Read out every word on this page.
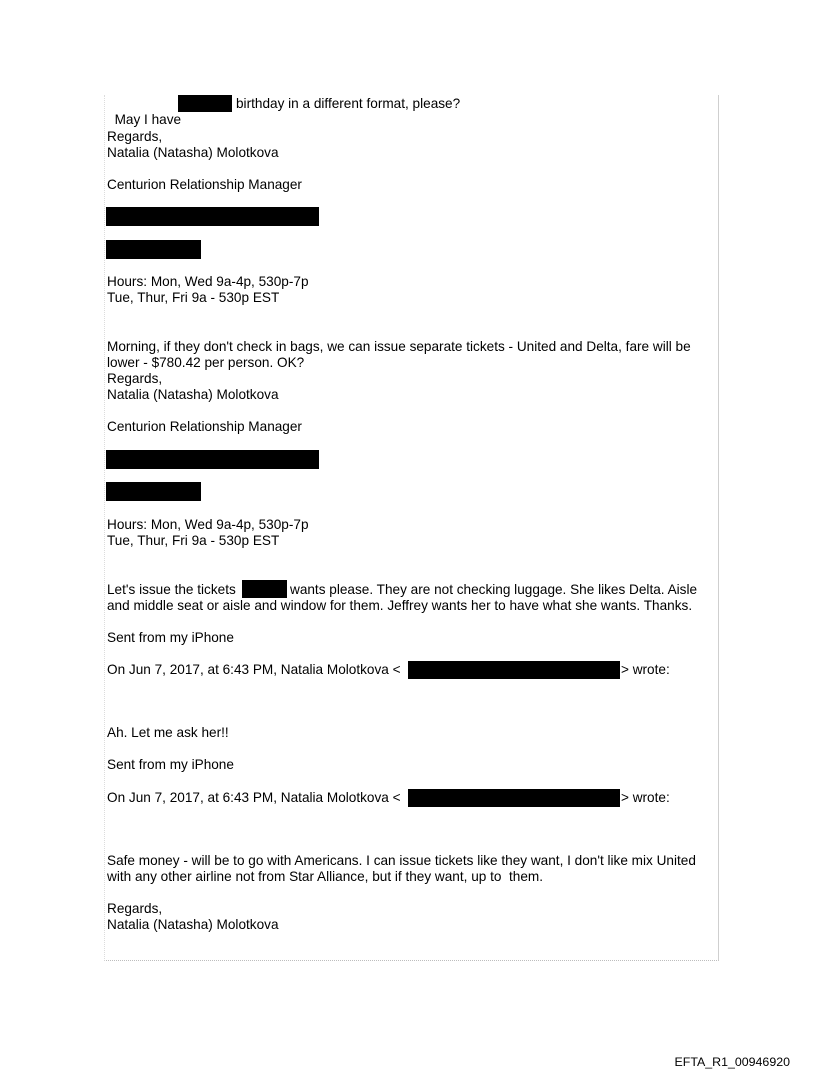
May I have

birthday in a different format, please?
Regards,
Natalia (Natasha) Molotkova
Centurion Relationship Manager
Hours: Mon, Wed 9a-4p, 530p-7p
Tue, Thur, Fri 9a - 530p EST
Morning, if they don't check in bags, we can issue separate tickets - United and Delta, fare will be
lower - $780.42 per person. OK?
Regards,
Natalia (Natasha) Molotkova
Centurion Relationship Manager
Hours: Mon, Wed 9a-4p, 530p-7p
Tue, Thur, Fri 9a - 530p EST
Let's issue the tickets	wants please. They are not checking luggage. She likes Delta. Aisle
and middle seat or aisle and window for them. Jeffrey wants her to have what she wants. Thanks.
Sent from my iPhone
On Jun 7, 2017, at 6:43 PM, Natalia Molotkova <	> wrote:
Ah. Let me ask her!!
Sent from my iPhone
On Jun 7, 2017, at 6:43 PM, Natalia Molotkova <	> wrote:
Safe money - will be to go with Americans. I can issue tickets like they want, I don't like mix United
with any other airline not from Star Alliance, but if they want, up to  them.
Regards,
Natalia (Natasha) Molotkova
EFTA_R1_00946920
